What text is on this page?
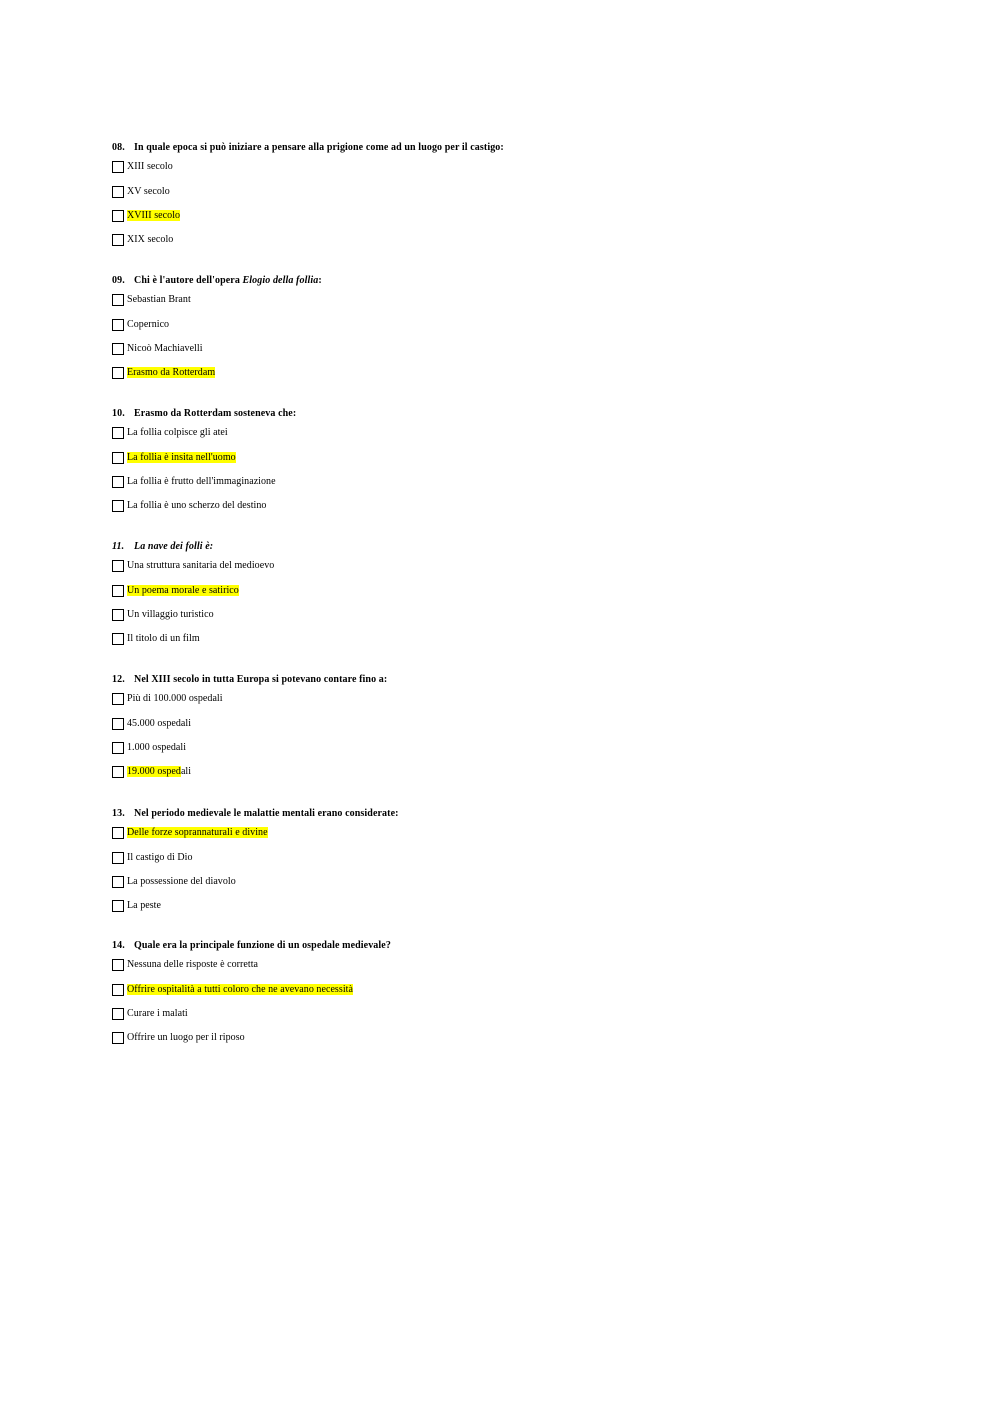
08. In quale epoca si può iniziare a pensare alla prigione come ad un luogo per il castigo:
XIII secolo
XV secolo
XVIII secolo
XIX secolo
09. Chi è l'autore dell'opera Elogio della follia:
Sebastian Brant
Copernico
Nicoò Machiavelli
Erasmo da Rotterdam
10. Erasmo da Rotterdam sosteneva che:
La follia colpisce gli atei
La follia è insita nell'uomo
La follia è frutto dell'immaginazione
La follia è uno scherzo del destino
11. La nave dei folli è:
Una struttura sanitaria del medioevo
Un poema morale e satirico
Un villaggio turistico
Il titolo di un film
12. Nel XIII secolo in tutta Europa si potevano contare fino a:
Più di 100.000 ospedali
45.000 ospedali
1.000 ospedali
19.000 ospedali
13. Nel periodo medievale le malattie mentali erano considerate:
Delle forze soprannaturali e divine
Il castigo di Dio
La possessione del diavolo
La peste
14. Quale era la principale funzione di un ospedale medievale?
Nessuna delle risposte è corretta
Offrire ospitalità a tutti coloro che ne avevano necessità
Curare i malati
Offrire un luogo per il riposo
